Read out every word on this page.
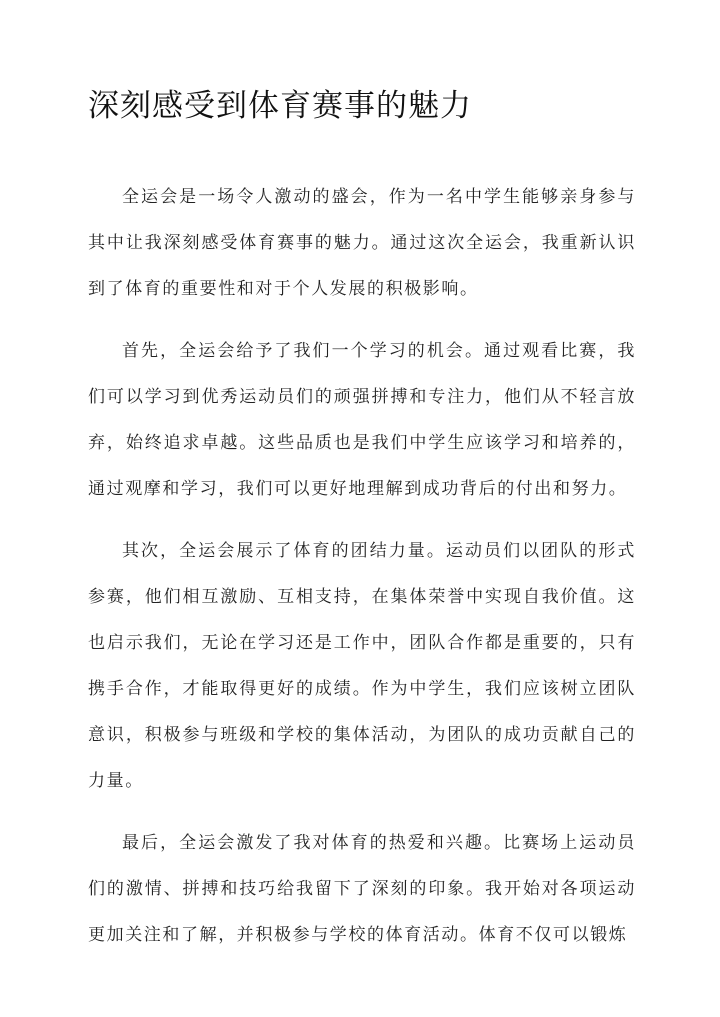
深刻感受到体育赛事的魅力

全运会是一场令人激动的盛会，作为一名中学生能够亲身参与其中让我深刻感受体育赛事的魅力。通过这次全运会，我重新认识到了体育的重要性和对于个人发展的积极影响。

首先，全运会给予了我们一个学习的机会。通过观看比赛，我们可以学习到优秀运动员们的顽强拼搏和专注力，他们从不轻言放弃，始终追求卓越。这些品质也是我们中学生应该学习和培养的，通过观摩和学习，我们可以更好地理解到成功背后的付出和努力。

其次，全运会展示了体育的团结力量。运动员们以团队的形式参赛，他们相互激励、互相支持，在集体荣誉中实现自我价值。这也启示我们，无论在学习还是工作中，团队合作都是重要的，只有携手合作，才能取得更好的成绩。作为中学生，我们应该树立团队意识，积极参与班级和学校的集体活动，为团队的成功贡献自己的力量。

最后，全运会激发了我对体育的热爱和兴趣。比赛场上运动员们的激情、拼搏和技巧给我留下了深刻的印象。我开始对各项运动更加关注和了解，并积极参与学校的体育活动。体育不仅可以锻炼
